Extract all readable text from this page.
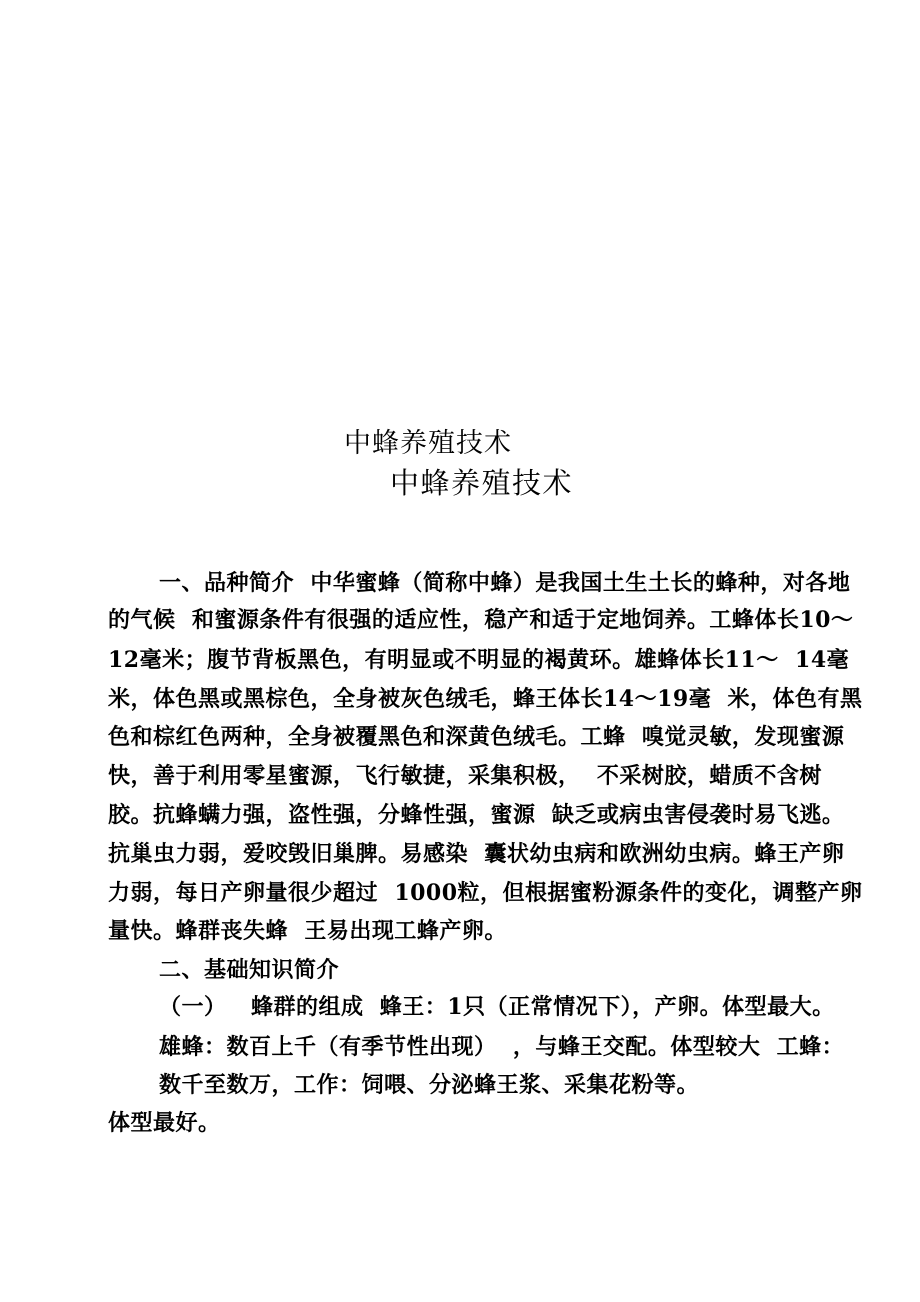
中蜂养殖技术
中蜂养殖技术
一、品种简介  中华蜜蜂（简称中蜂）是我国土生土长的蜂种，对各地
的气候  和蜜源条件有很强的适应性，稳产和适于定地饲养。工蜂体长10～
12毫米；腹节背板黑色，有明显或不明显的褐黄环。雄蜂体长11～  14毫
米，体色黑或黑棕色，全身被灰色绒毛，蜂王体长14～19毫  米，体色有黑
色和棕红色两种，全身被覆黑色和深黄色绒毛。工蜂  嗅觉灵敏，发现蜜源
快，善于利用零星蜜源，飞行敏捷，采集积极，  不采树胶，蜡质不含树
胶。抗蜂螨力强，盗性强，分蜂性强，蜜源  缺乏或病虫害侵袭时易飞逃。
抗巢虫力弱，爱咬毁旧巢脾。易感染  囊状幼虫病和欧洲幼虫病。蜂王产卵
力弱，每日产卵量很少超过  1000粒，但根据蜜粉源条件的变化，调整产卵
量快。蜂群丧失蜂  王易出现工蜂产卵。
二、基础知识简介
（一）   蜂群的组成  蜂王：1只（正常情况下），产卵。体型最大。
雄蜂：数百上千（有季节性出现）  ，与蜂王交配。体型较大  工蜂：
数千至数万，工作：饲喂、分泌蜂王浆、采集花粉等。
体型最好。
